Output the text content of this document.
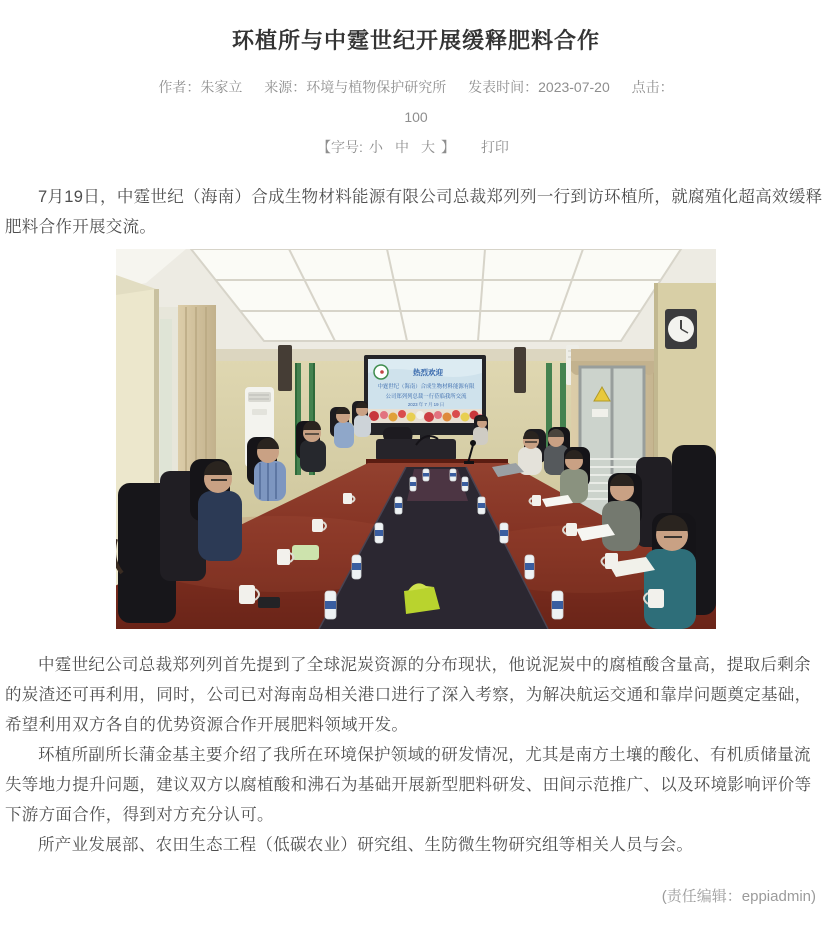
环植所与中霆世纪开展缓释肥料合作
作者：朱家立 来源：环境与植物保护研究所 发表时间：2023-07-20 点击：
100
【字号: 小 中 大 】 打印

7月19日，中霆世纪（海南）合成生物材料能源有限公司总裁郑列列一行到访环植所，就腐殖化超高效缓释肥料合作开展交流。

热烈欢迎
中霆世纪（海南）合成生物材料能源有限
公司郑列列总裁一行莅临我所交流
2023 年 7 月 19 日

中霆世纪公司总裁郑列列首先提到了全球泥炭资源的分布现状，他说泥炭中的腐植酸含量高，提取后剩余的炭渣还可再利用，同时，公司已对海南岛相关港口进行了深入考察，为解决航运交通和靠岸问题奠定基础，希望利用双方各自的优势资源合作开展肥料领域开发。

环植所副所长蒲金基主要介绍了我所在环境保护领域的研发情况，尤其是南方土壤的酸化、有机质储量流失等地力提升问题，建议双方以腐植酸和沸石为基础开展新型肥料研发、田间示范推广、以及环境影响评价等下游方面合作，得到对方充分认可。

所产业发展部、农田生态工程（低碳农业）研究组、生防微生物研究组等相关人员与会。

(责任编辑：eppiadmin)
